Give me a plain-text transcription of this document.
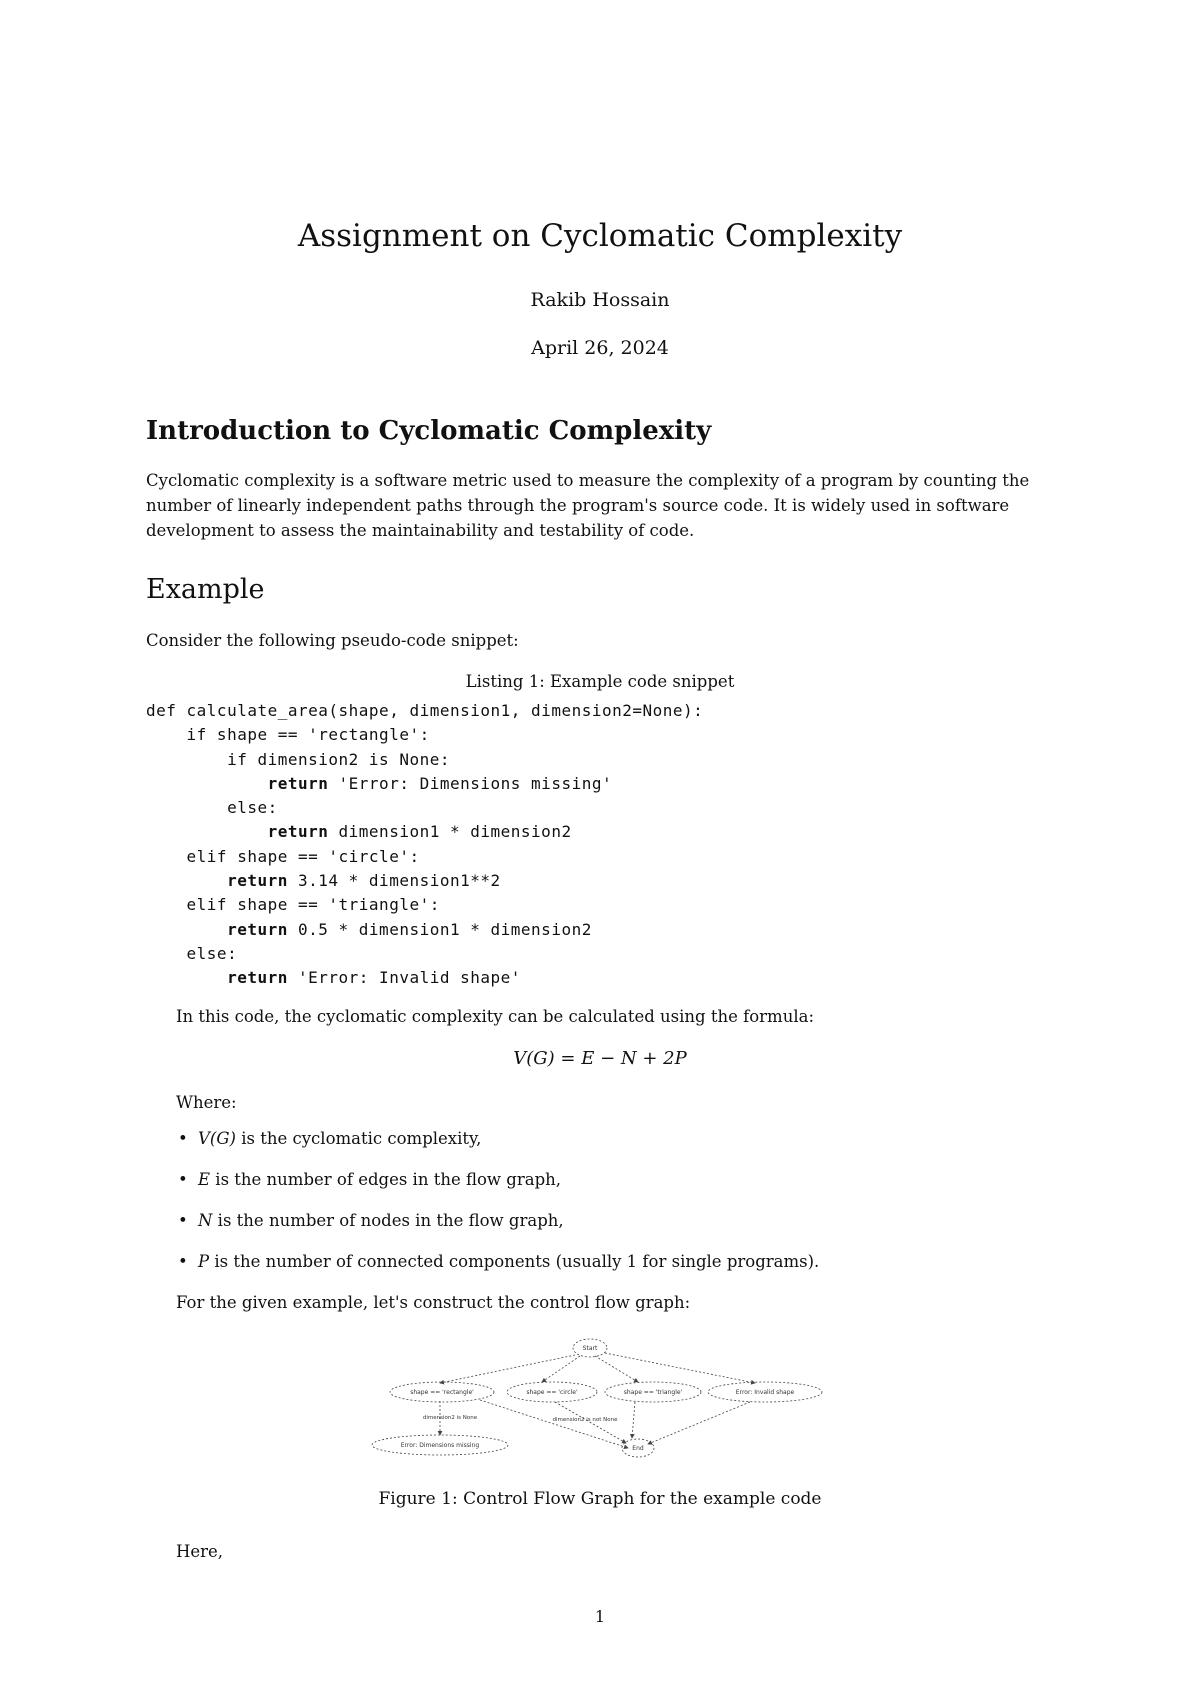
Assignment on Cyclomatic Complexity
Rakib Hossain
April 26, 2024
Introduction to Cyclomatic Complexity
Cyclomatic complexity is a software metric used to measure the complexity of a program by counting the number of linearly independent paths through the program's source code. It is widely used in software development to assess the maintainability and testability of code.
Example
Consider the following pseudo-code snippet:
Listing 1: Example code snippet
def calculate_area(shape, dimension1, dimension2=None):
if shape == 'rectangle':
if dimension2 is None:
return 'Error: Dimensions missing'
else:
return dimension1 * dimension2
elif shape == 'circle':
return 3.14 * dimension1**2
elif shape == 'triangle':
return 0.5 * dimension1 * dimension2
else:
return 'Error: Invalid shape'
In this code, the cyclomatic complexity can be calculated using the formula:
V(G) = E − N + 2P
Where:
• V(G) is the cyclomatic complexity,
• E is the number of edges in the flow graph,
• N is the number of nodes in the flow graph,
• P is the number of connected components (usually 1 for single programs).
For the given example, let's construct the control flow graph:
Start
shape == 'rectangle'	shape == 'circle'	shape == 'triangle'	Error: Invalid shape
Error: Dimensions missing	End
dimension2 is None	dimension2 is not None
Figure 1: Control Flow Graph for the example code
Here,
1
